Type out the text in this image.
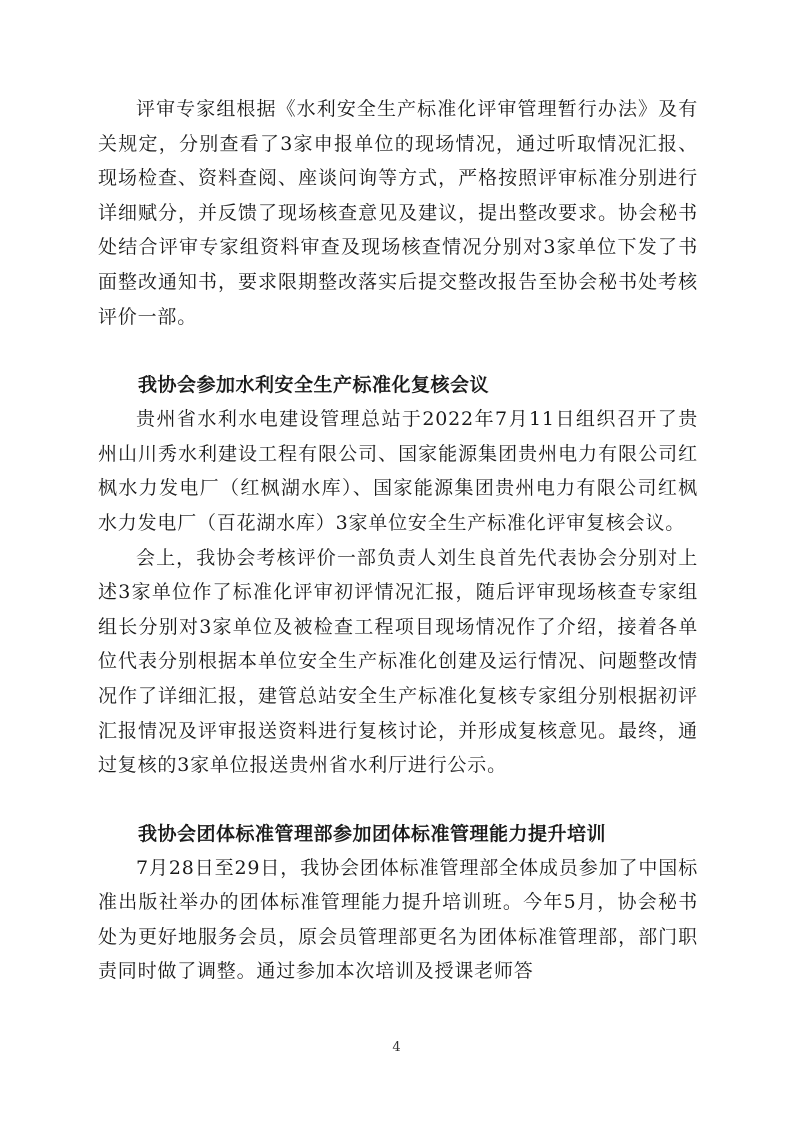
评审专家组根据《水利安全生产标准化评审管理暂行办法》及有关规定，分别查看了3家申报单位的现场情况，通过听取情况汇报、现场检查、资料查阅、座谈问询等方式，严格按照评审标准分别进行详细赋分，并反馈了现场核查意见及建议，提出整改要求。协会秘书处结合评审专家组资料审查及现场核查情况分别对3家单位下发了书面整改通知书，要求限期整改落实后提交整改报告至协会秘书处考核评价一部。

我协会参加水利安全生产标准化复核会议

贵州省水利水电建设管理总站于2022年7月11日组织召开了贵州山川秀水利建设工程有限公司、国家能源集团贵州电力有限公司红枫水力发电厂（红枫湖水库）、国家能源集团贵州电力有限公司红枫水力发电厂（百花湖水库）3家单位安全生产标准化评审复核会议。

会上，我协会考核评价一部负责人刘生良首先代表协会分别对上述3家单位作了标准化评审初评情况汇报，随后评审现场核查专家组组长分别对3家单位及被检查工程项目现场情况作了介绍，接着各单位代表分别根据本单位安全生产标准化创建及运行情况、问题整改情况作了详细汇报，建管总站安全生产标准化复核专家组分别根据初评汇报情况及评审报送资料进行复核讨论，并形成复核意见。最终，通过复核的3家单位报送贵州省水利厅进行公示。

我协会团体标准管理部参加团体标准管理能力提升培训

7月28日至29日，我协会团体标准管理部全体成员参加了中国标准出版社举办的团体标准管理能力提升培训班。今年5月，协会秘书处为更好地服务会员，原会员管理部更名为团体标准管理部，部门职责同时做了调整。通过参加本次培训及授课老师答

4
